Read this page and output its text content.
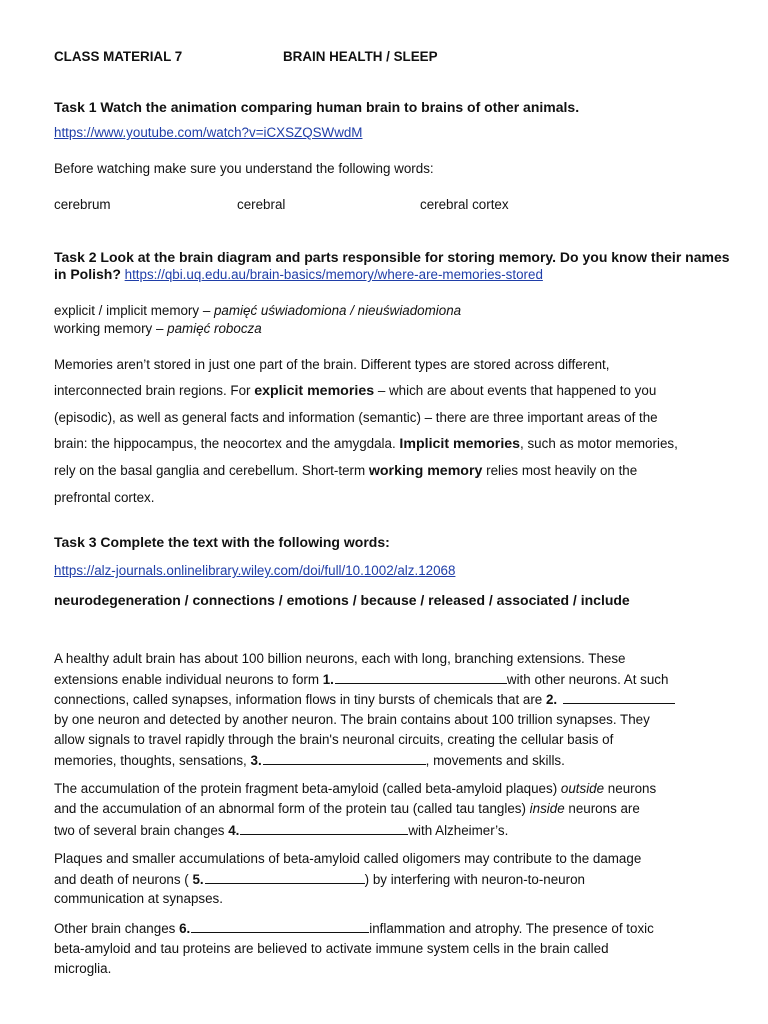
CLASS MATERIAL 7	BRAIN HEALTH / SLEEP
Task 1 Watch the animation comparing human brain to brains of other animals.
https://www.youtube.com/watch?v=iCXSZQSWwdM
Before watching make sure you understand the following words:
cerebrum	cerebral	cerebral cortex
Task 2 Look at the brain diagram and parts responsible for storing memory. Do you know their names
in Polish? https://qbi.uq.edu.au/brain-basics/memory/where-are-memories-stored
explicit / implicit memory – pamięć uświadomiona / nieuświadomiona
working memory – pamięć robocza
Memories aren’t stored in just one part of the brain. Different types are stored across different,
interconnected brain regions. For explicit memories – which are about events that happened to you
(episodic), as well as general facts and information (semantic) – there are three important areas of the
brain: the hippocampus, the neocortex and the amygdala. Implicit memories, such as motor memories,
rely on the basal ganglia and cerebellum. Short-term working memory relies most heavily on the
prefrontal cortex.
Task 3 Complete the text with the following words:
https://alz-journals.onlinelibrary.wiley.com/doi/full/10.1002/alz.12068
neurodegeneration / connections / emotions / because / released / associated / include
A healthy adult brain has about 100 billion neurons, each with long, branching extensions. These
extensions enable individual neurons to form 1.	with other neurons. At such
connections, called synapses, information flows in tiny bursts of chemicals that are 2.
by one neuron and detected by another neuron. The brain contains about 100 trillion synapses. They
allow signals to travel rapidly through the brain's neuronal circuits, creating the cellular basis of
memories, thoughts, sensations, 3.	, movements and skills.
The accumulation of the protein fragment beta-amyloid (called beta-amyloid plaques) outside neurons
and the accumulation of an abnormal form of the protein tau (called tau tangles) inside neurons are
two of several brain changes 4.	with Alzheimer’s.
Plaques and smaller accumulations of beta-amyloid called oligomers may contribute to the damage
and death of neurons ( 5.	) by interfering with neuron-to-neuron
communication at synapses.
Other brain changes 6.	inflammation and atrophy. The presence of toxic
beta-amyloid and tau proteins are believed to activate immune system cells in the brain called
microglia.
